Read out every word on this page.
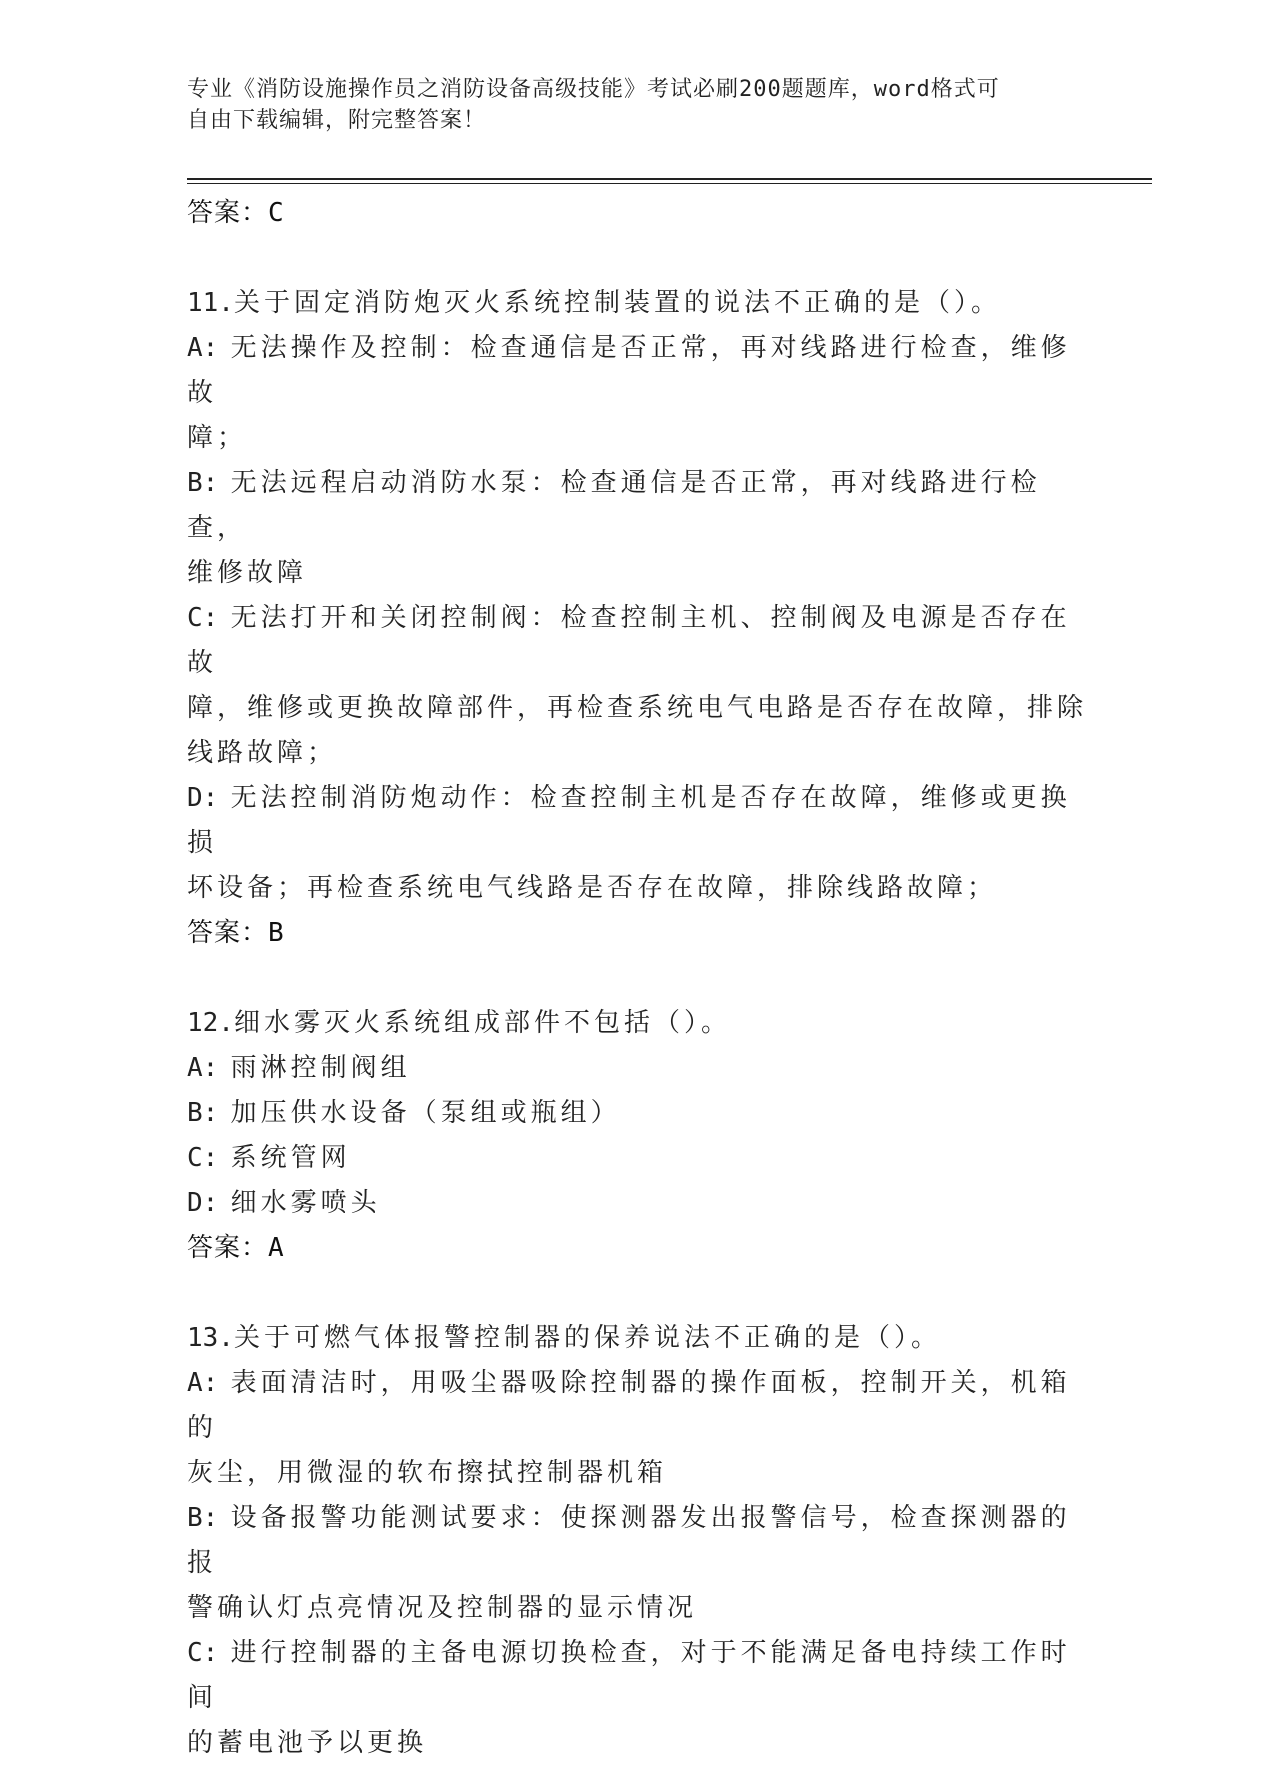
专业《消防设施操作员之消防设备高级技能》考试必刷200题题库，word格式可
自由下载编辑，附完整答案！
答案：C
11.关于固定消防炮灭火系统控制装置的说法不正确的是（）。
A: 无法操作及控制：检查通信是否正常，再对线路进行检查，维修故
障；
B: 无法远程启动消防水泵：检查通信是否正常，再对线路进行检查，
维修故障
C: 无法打开和关闭控制阀：检查控制主机、控制阀及电源是否存在故
障，维修或更换故障部件，再检查系统电气电路是否存在故障，排除
线路故障；
D: 无法控制消防炮动作：检查控制主机是否存在故障，维修或更换损
坏设备；再检查系统电气线路是否存在故障，排除线路故障；
答案：B
12.细水雾灭火系统组成部件不包括（）。
A: 雨淋控制阀组
B: 加压供水设备（泵组或瓶组）
C: 系统管网
D: 细水雾喷头
答案：A
13.关于可燃气体报警控制器的保养说法不正确的是（）。
A: 表面清洁时，用吸尘器吸除控制器的操作面板，控制开关，机箱的
灰尘，用微湿的软布擦拭控制器机箱
B: 设备报警功能测试要求：使探测器发出报警信号，检查探测器的报
警确认灯点亮情况及控制器的显示情况
C: 进行控制器的主备电源切换检查，对于不能满足备电持续工作时间
的蓄电池予以更换
